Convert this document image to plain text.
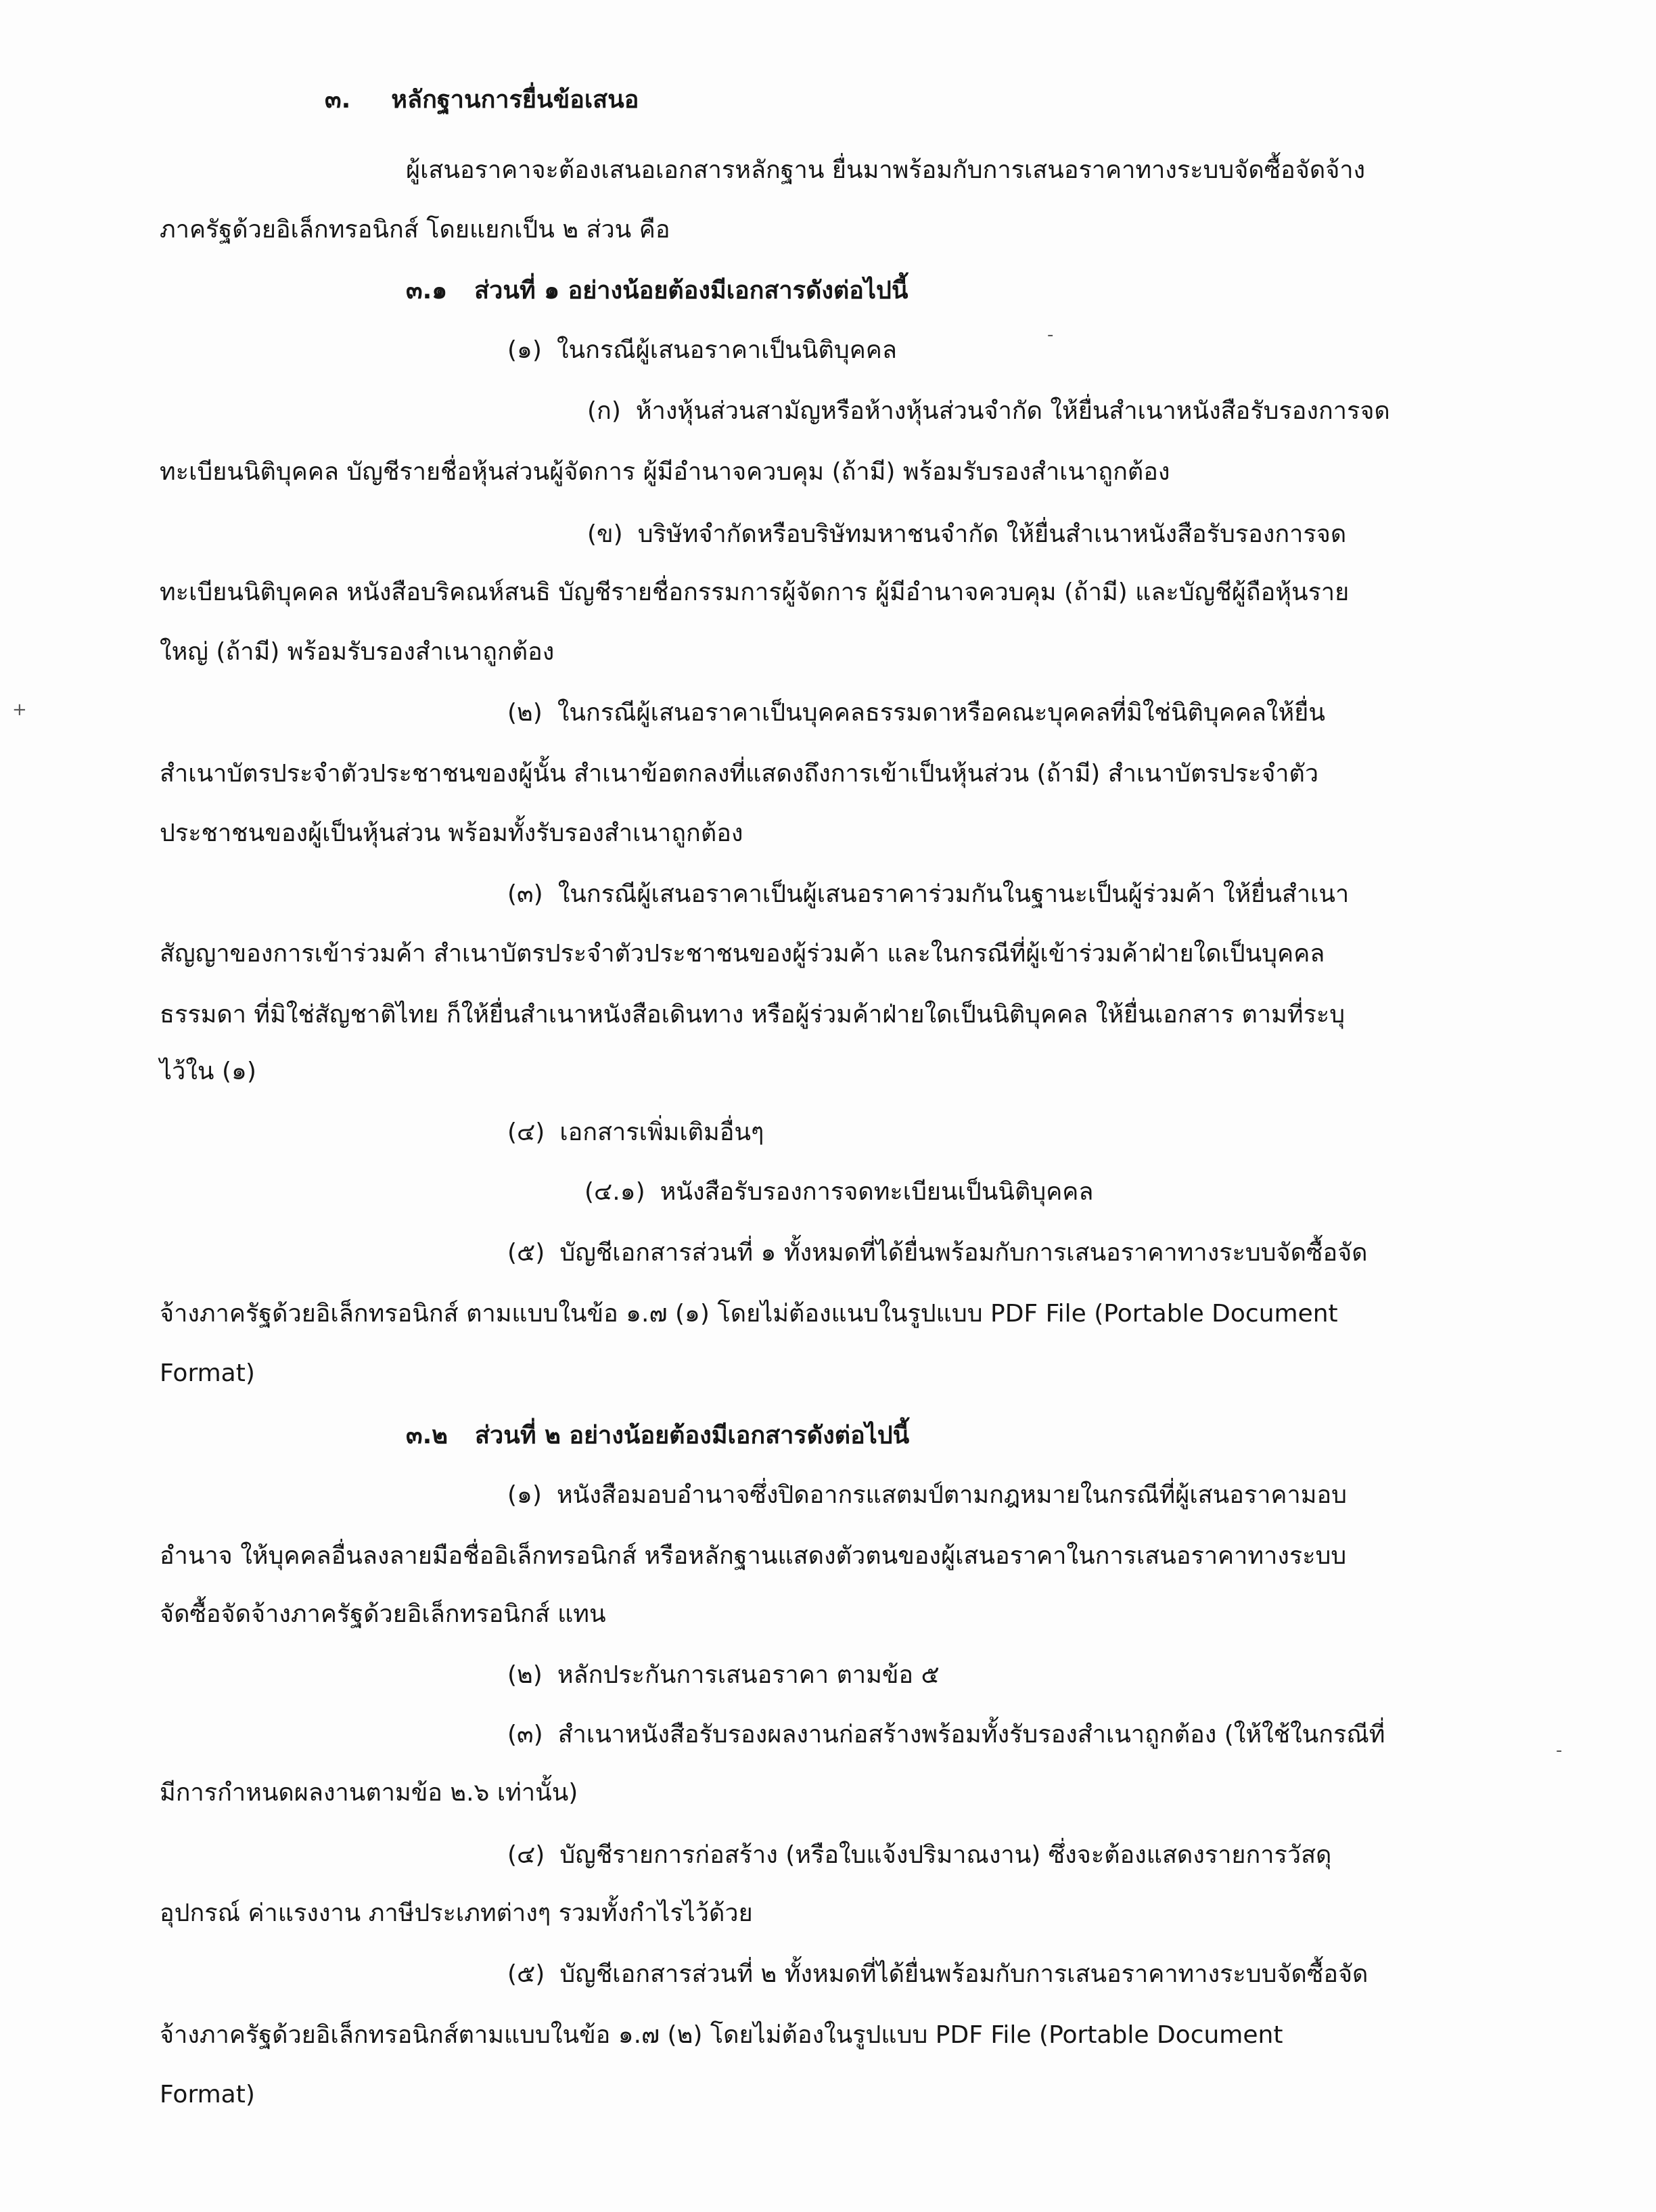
๓. หลักฐานการยื่นข้อเสนอ
ผู้เสนอราคาจะต้องเสนอเอกสารหลักฐาน ยื่นมาพร้อมกับการเสนอราคาทางระบบจัดซื้อจัดจ้าง
ภาครัฐด้วยอิเล็กทรอนิกส์ โดยแยกเป็น ๒ ส่วน คือ
๓.๑ ส่วนที่ ๑ อย่างน้อยต้องมีเอกสารดังต่อไปนี้
(๑) ในกรณีผู้เสนอราคาเป็นนิติบุคคล
(ก) ห้างหุ้นส่วนสามัญหรือห้างหุ้นส่วนจำกัด ให้ยื่นสำเนาหนังสือรับรองการจด
ทะเบียนนิติบุคคล บัญชีรายชื่อหุ้นส่วนผู้จัดการ ผู้มีอำนาจควบคุม (ถ้ามี) พร้อมรับรองสำเนาถูกต้อง
(ข) บริษัทจำกัดหรือบริษัทมหาชนจำกัด ให้ยื่นสำเนาหนังสือรับรองการจด
ทะเบียนนิติบุคคล หนังสือบริคณห์สนธิ บัญชีรายชื่อกรรมการผู้จัดการ ผู้มีอำนาจควบคุม (ถ้ามี) และบัญชีผู้ถือหุ้นราย
ใหญ่ (ถ้ามี) พร้อมรับรองสำเนาถูกต้อง
(๒) ในกรณีผู้เสนอราคาเป็นบุคคลธรรมดาหรือคณะบุคคลที่มิใช่นิติบุคคลให้ยื่น
สำเนาบัตรประจำตัวประชาชนของผู้นั้น สำเนาข้อตกลงที่แสดงถึงการเข้าเป็นหุ้นส่วน (ถ้ามี) สำเนาบัตรประจำตัว
ประชาชนของผู้เป็นหุ้นส่วน พร้อมทั้งรับรองสำเนาถูกต้อง
(๓) ในกรณีผู้เสนอราคาเป็นผู้เสนอราคาร่วมกันในฐานะเป็นผู้ร่วมค้า ให้ยื่นสำเนา
สัญญาของการเข้าร่วมค้า สำเนาบัตรประจำตัวประชาชนของผู้ร่วมค้า และในกรณีที่ผู้เข้าร่วมค้าฝ่ายใดเป็นบุคคล
ธรรมดา ที่มิใช่สัญชาติไทย ก็ให้ยื่นสำเนาหนังสือเดินทาง หรือผู้ร่วมค้าฝ่ายใดเป็นนิติบุคคล ให้ยื่นเอกสาร ตามที่ระบุ
ไว้ใน (๑)
(๔) เอกสารเพิ่มเติมอื่นๆ
(๔.๑) หนังสือรับรองการจดทะเบียนเป็นนิติบุคคล
(๕) บัญชีเอกสารส่วนที่ ๑ ทั้งหมดที่ได้ยื่นพร้อมกับการเสนอราคาทางระบบจัดซื้อจัด
จ้างภาครัฐด้วยอิเล็กทรอนิกส์ ตามแบบในข้อ ๑.๗ (๑) โดยไม่ต้องแนบในรูปแบบ PDF File (Portable Document
Format)
๓.๒ ส่วนที่ ๒ อย่างน้อยต้องมีเอกสารดังต่อไปนี้
(๑) หนังสือมอบอำนาจซึ่งปิดอากรแสตมป์ตามกฎหมายในกรณีที่ผู้เสนอราคามอบ
อำนาจ ให้บุคคลอื่นลงลายมือชื่ออิเล็กทรอนิกส์ หรือหลักฐานแสดงตัวตนของผู้เสนอราคาในการเสนอราคาทางระบบ
จัดซื้อจัดจ้างภาครัฐด้วยอิเล็กทรอนิกส์ แทน
(๒) หลักประกันการเสนอราคา ตามข้อ ๕
(๓) สำเนาหนังสือรับรองผลงานก่อสร้างพร้อมทั้งรับรองสำเนาถูกต้อง (ให้ใช้ในกรณีที่
มีการกำหนดผลงานตามข้อ ๒.๖ เท่านั้น)
(๔) บัญชีรายการก่อสร้าง (หรือใบแจ้งปริมาณงาน) ซึ่งจะต้องแสดงรายการวัสดุ
อุปกรณ์ ค่าแรงงาน ภาษีประเภทต่างๆ รวมทั้งกำไรไว้ด้วย
(๕) บัญชีเอกสารส่วนที่ ๒ ทั้งหมดที่ได้ยื่นพร้อมกับการเสนอราคาทางระบบจัดซื้อจัด
จ้างภาครัฐด้วยอิเล็กทรอนิกส์ตามแบบในข้อ ๑.๗ (๒) โดยไม่ต้องในรูปแบบ PDF File (Portable Document
Format)
+
-
-
